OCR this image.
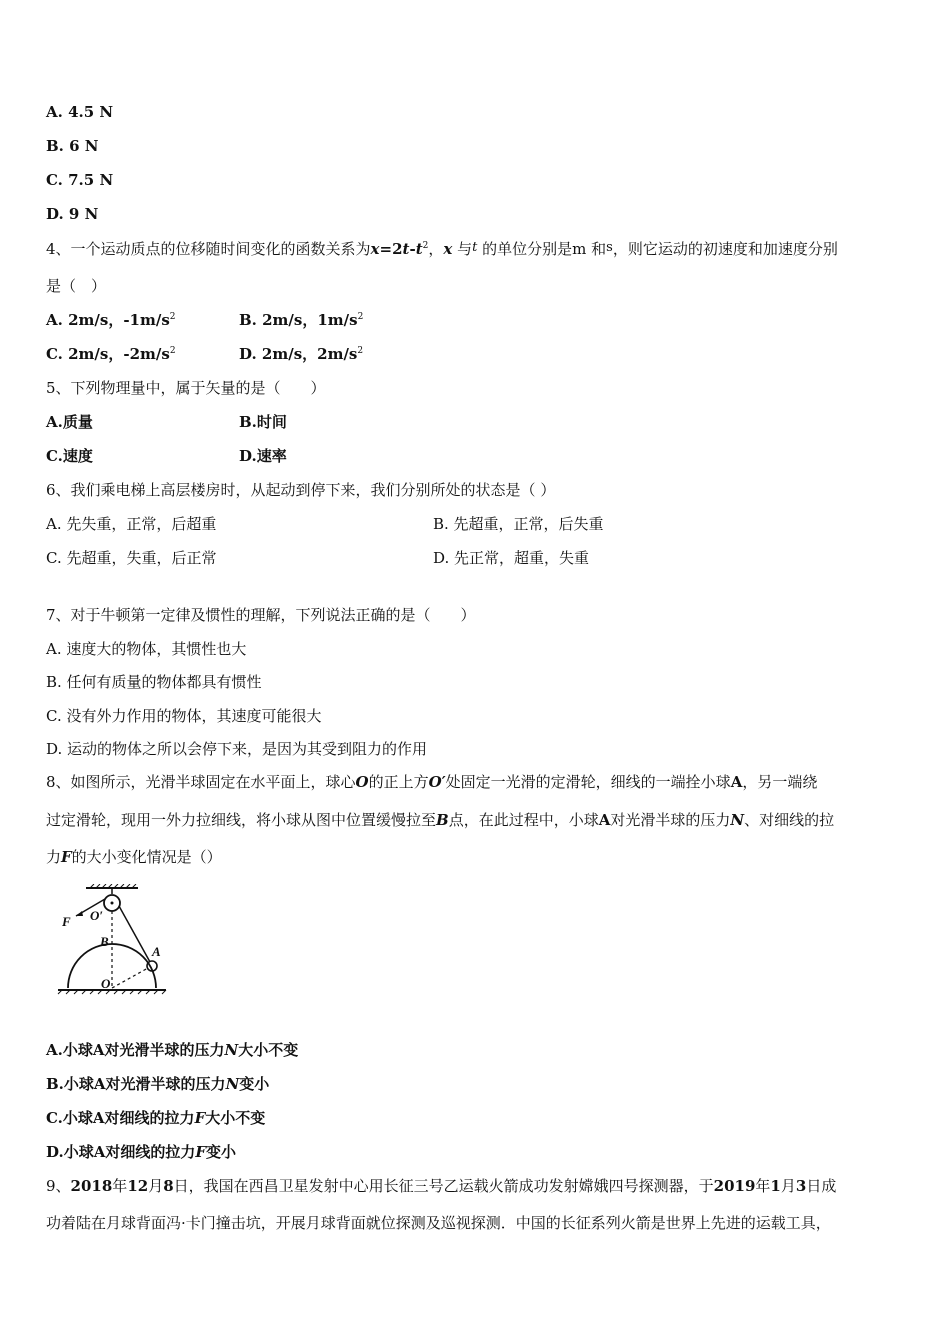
A. 4.5 N
B. 6 N
C. 7.5 N
D. 9 N
4、一个运动质点的位移随时间变化的函数关系为$x=2t-t^2$，x 与t 的单位分别是m 和s，则它运动的初速度和加速度分别
是（　）
A. 2m/s，$-1m/s^2$	B. 2m/s，$1m/s^2$
C. 2m/s，$-2m/s^2$	D. 2m/s，$2m/s^2$
5、下列物理量中，属于矢量的是（　　）
A.质量	B.时间
C.速度	D.速率
6、我们乘电梯上高层楼房时，从起动到停下来，我们分别所处的状态是（ ）
A. 先失重，正常，后超重	B. 先超重，正常，后失重
C. 先超重，失重，后正常	D. 先正常，超重，失重
7、对于牛顿第一定律及惯性的理解，下列说法正确的是（　　）
A. 速度大的物体，其惯性也大
B. 任何有质量的物体都具有惯性
C. 没有外力作用的物体，其速度可能很大
D. 运动的物体之所以会停下来，是因为其受到阻力的作用
8、如图所示，光滑半球固定在水平面上，球心O的正上方O′处固定一光滑的定滑轮，细线的一端拴小球A，另一端绕
过定滑轮，现用一外力拉细线，将小球从图中位置缓慢拉至B点，在此过程中，小球A对光滑半球的压力N、对细线的拉
力F的大小变化情况是（）
F O′
B
A
O
A.小球A对光滑半球的压力N大小不变
B.小球A对光滑半球的压力N变小
C.小球A对细线的拉力F大小不变
D.小球A对细线的拉力F变小
9、2018年12月8日，我国在西昌卫星发射中心用长征三号乙运载火箭成功发射嫦娥四号探测器，于2019年1月3日成
功着陆在月球背面冯·卡门撞击坑，开展月球背面就位探测及巡视探测．中国的长征系列火箭是世界上先进的运载工具，
